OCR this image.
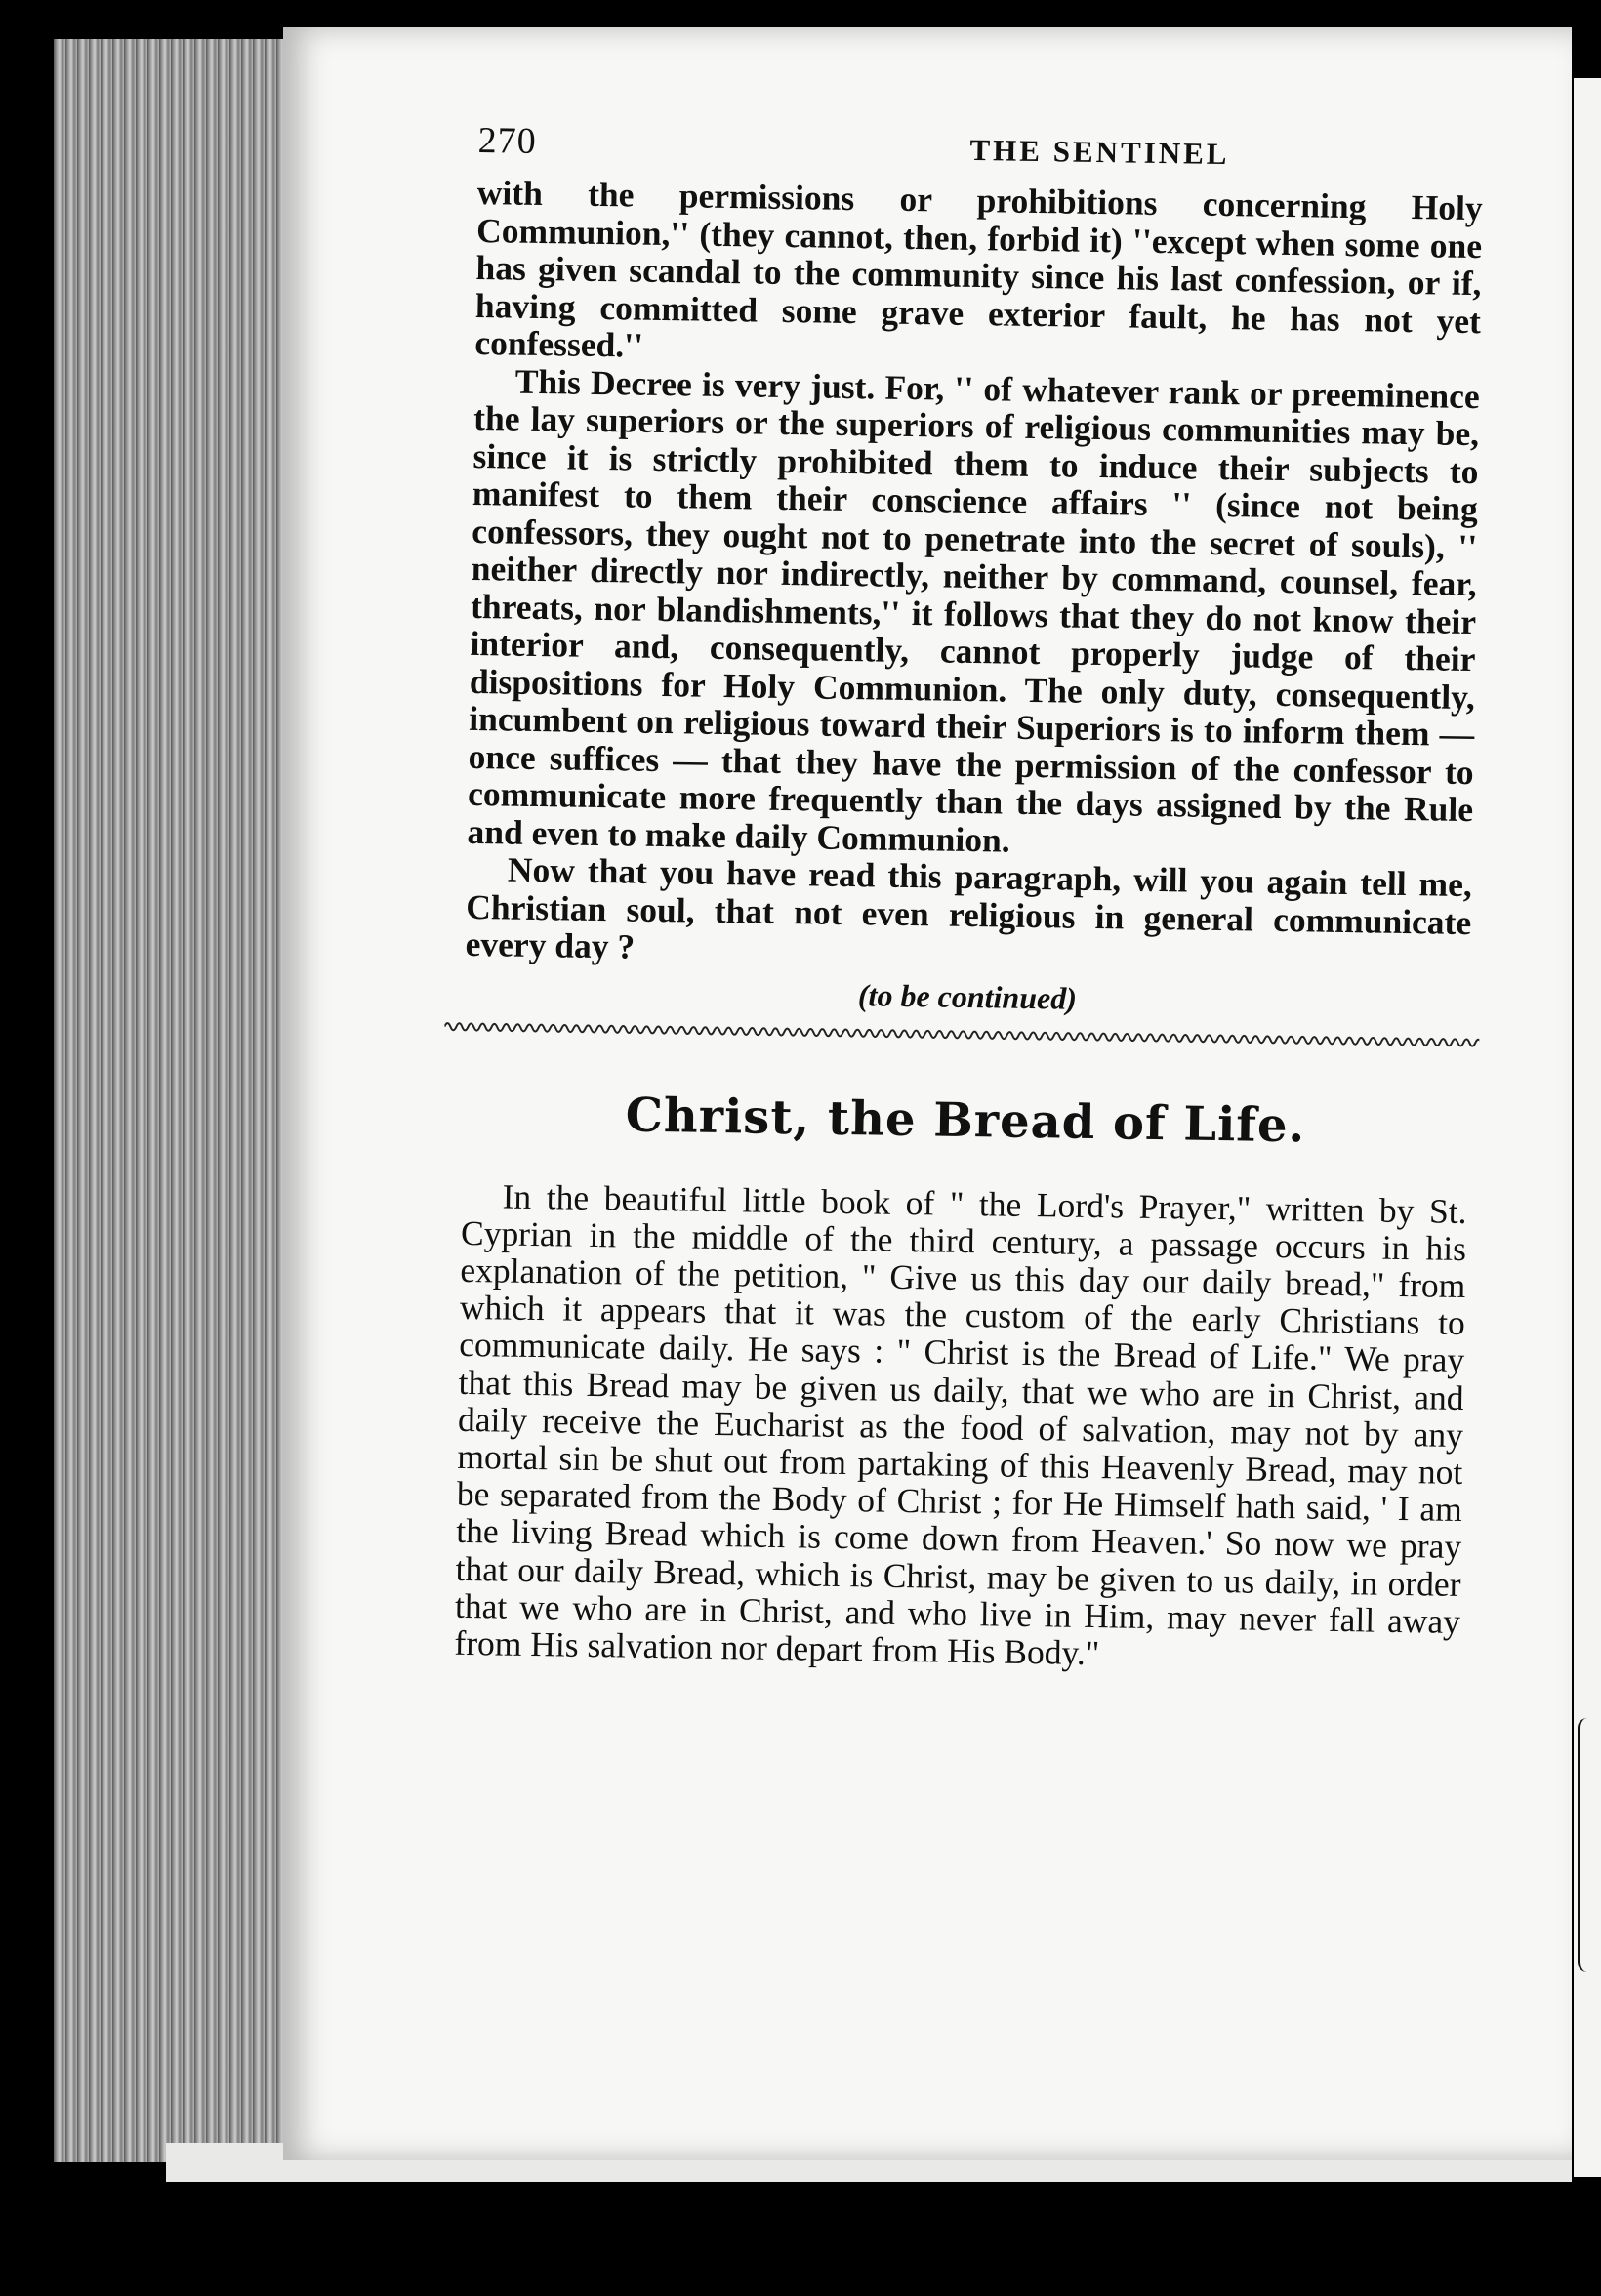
270	THE SENTINEL

with the permissions or prohibitions concerning Holy Communion,'' (they cannot, then, forbid it) ''except when some one has given scandal to the community since his last confession, or if, having committed some grave exterior fault, he has not yet confessed.''

This Decree is very just. For, '' of whatever rank or preeminence the lay superiors or the superiors of religious communities may be, since it is strictly prohibited them to induce their subjects to manifest to them their conscience affairs '' (since not being confessors, they ought not to penetrate into the secret of souls), '' neither directly nor indirectly, neither by command, counsel, fear, threats, nor blandishments,'' it follows that they do not know their interior and, consequently, cannot properly judge of their dispositions for Holy Communion. The only duty, consequently, incumbent on religious toward their Superiors is to inform them — once suffices — that they have the permission of the confessor to communicate more frequently than the days assigned by the Rule and even to make daily Communion.

Now that you have read this paragraph, will you again tell me, Christian soul, that not even religious in general communicate every day ?

(to be continued)
Christ, the Bread of Life.

In the beautiful little book of " the Lord's Prayer," written by St. Cyprian in the middle of the third century, a passage occurs in his explanation of the petition, " Give us this day our daily bread," from which it appears that it was the custom of the early Christians to communicate daily. He says : " Christ is the Bread of Life." We pray that this Bread may be given us daily, that we who are in Christ, and daily receive the Eucharist as the food of salvation, may not by any mortal sin be shut out from partaking of this Heavenly Bread, may not be separated from the Body of Christ ; for He Himself hath said, ' I am the living Bread which is come down from Heaven.' So now we pray that our daily Bread, which is Christ, may be given to us daily, in order that we who are in Christ, and who live in Him, may never fall away from His salvation nor depart from His Body."
